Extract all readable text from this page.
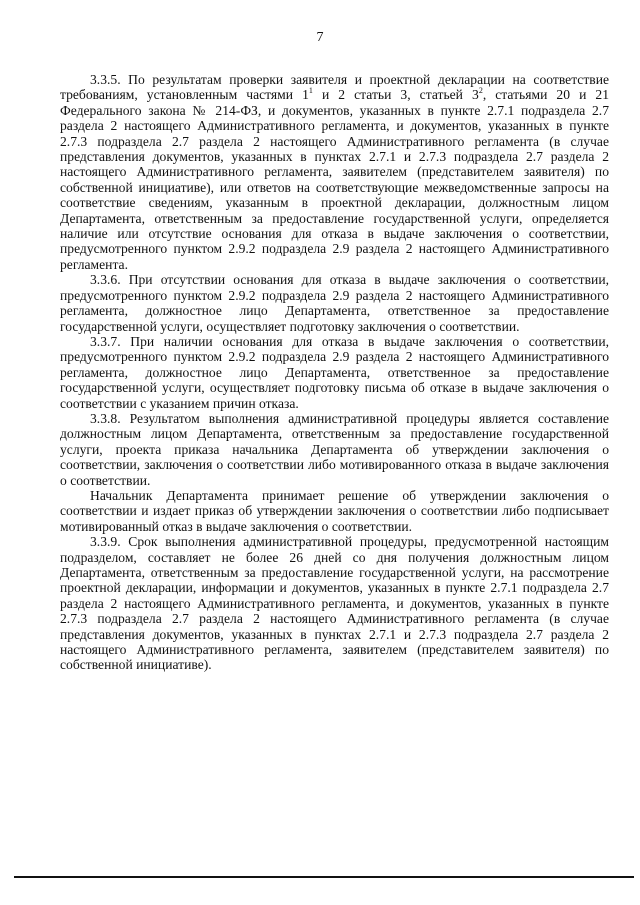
7

3.3.5. По результатам проверки заявителя и проектной декларации на соответствие требованиям, установленным частями $1^1$ и 2 статьи 3, статьей $3^2$, статьями 20 и 21 Федерального закона № 214-ФЗ, и документов, указанных в пункте 2.7.1 подраздела 2.7 раздела 2 настоящего Административного регламента, и документов, указанных в пункте 2.7.3 подраздела 2.7 раздела 2 настоящего Административного регламента (в случае представления документов, указанных в пунктах 2.7.1 и 2.7.3 подраздела 2.7 раздела 2 настоящего Административного регламента, заявителем (представителем заявителя) по собственной инициативе), или ответов на соответствующие межведомственные запросы на соответствие сведениям, указанным в проектной декларации, должностным лицом Департамента, ответственным за предоставление государственной услуги, определяется наличие или отсутствие основания для отказа в выдаче заключения о соответствии, предусмотренного пунктом 2.9.2 подраздела 2.9 раздела 2 настоящего Административного регламента.

3.3.6. При отсутствии основания для отказа в выдаче заключения о соответствии, предусмотренного пунктом 2.9.2 подраздела 2.9 раздела 2 настоящего Административного регламента, должностное лицо Департамента, ответственное за предоставление государственной услуги, осуществляет подготовку заключения о соответствии.

3.3.7. При наличии основания для отказа в выдаче заключения о соответствии, предусмотренного пунктом 2.9.2 подраздела 2.9 раздела 2 настоящего Административного регламента, должностное лицо Департамента, ответственное за предоставление государственной услуги, осуществляет подготовку письма об отказе в выдаче заключения о соответствии с указанием причин отказа.

3.3.8. Результатом выполнения административной процедуры является составление должностным лицом Департамента, ответственным за предоставление государственной услуги, проекта приказа начальника Департамента об утверждении заключения о соответствии, заключения о соответствии либо мотивированного отказа в выдаче заключения о соответствии.

Начальник Департамента принимает решение об утверждении заключения о соответствии и издает приказ об утверждении заключения о соответствии либо подписывает мотивированный отказ в выдаче заключения о соответствии.

3.3.9. Срок выполнения административной процедуры, предусмотренной настоящим подразделом, составляет не более 26 дней со дня получения должностным лицом Департамента, ответственным за предоставление государственной услуги, на рассмотрение проектной декларации, информации и документов, указанных в пункте 2.7.1 подраздела 2.7 раздела 2 настоящего Административного регламента, и документов, указанных в пункте 2.7.3 подраздела 2.7 раздела 2 настоящего Административного регламента (в случае представления документов, указанных в пунктах 2.7.1 и 2.7.3 подраздела 2.7 раздела 2 настоящего Административного регламента, заявителем (представителем заявителя) по собственной инициативе).
